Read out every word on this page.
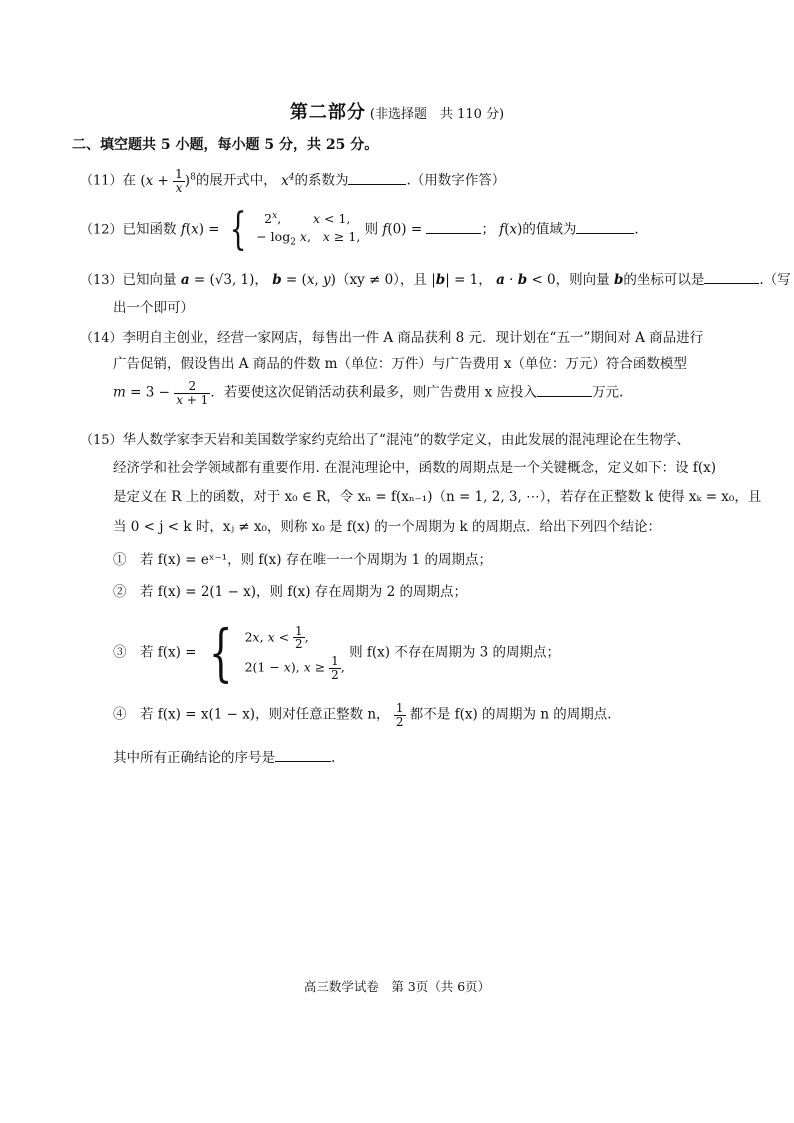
第二部分 (非选择题　共 110 分)
二、填空题共 5 小题，每小题 5 分，共 25 分。
（11）在 $(x + \frac{1}{x} )^8$的展开式中， $x^4$的系数为	.（用数字作答）
（12）已知函数 f(x) = { 2$^x$,        x < 1,
− $\log_2 x$,   x ≥ 1, 则 f(0) =	； f(x)的值域为	.
（13）已知向量 a = (√3, 1)， b = (x, y)（xy ≠ 0），且 |b| = 1， a · b < 0，则向量 b的坐标可以是	.（写
出一个即可）
（14）李明自主创业，经营一家网店，每售出一件 A 商品获利 8 元．现计划在“五一”期间对 A 商品进行
广告促销，假设售出 A 商品的件数 m（单位：万件）与广告费用 x（单位：万元）符合函数模型
$m = 3 - \frac{2}{x + 1}$ ．若要使这次促销活动获利最多，则广告费用 x 应投入	万元.
（15）华人数学家李天岩和美国数学家约克给出了“混沌”的数学定义，由此发展的混沌理论在生物学、
经济学和社会学领域都有重要作用. 在混沌理论中，函数的周期点是一个关键概念，定义如下：设 f(x)
是定义在 R 上的函数，对于 x₀ ∈ R，令 xₙ = f(xₙ₋₁)（n = 1, 2, 3, ⋯），若存在正整数 k 使得 xₖ = x₀，且
当 0 < j < k 时，xⱼ ≠ x₀，则称 x₀ 是 f(x) 的一个周期为 k 的周期点．给出下列四个结论：
①　若 f(x) = eˣ⁻¹，则 f(x) 存在唯一一个周期为 1 的周期点；
②　若 f(x) = 2(1 − x)，则 f(x) 存在周期为 2 的周期点；
③　若 f(x) = { 2x, $x < \frac{1}{2}$ ,
2(1 − x), $x \ge \frac{1}{2}$ ,
则 f(x) 不存在周期为 3 的周期点；
④　若 f(x) = x(1 − x)，则对任意正整数 n， $\frac{1}{2}$ 都不是 f(x) 的周期为 n 的周期点.
其中所有正确结论的序号是	.
高三数学试卷　第 3页（共 6页）
